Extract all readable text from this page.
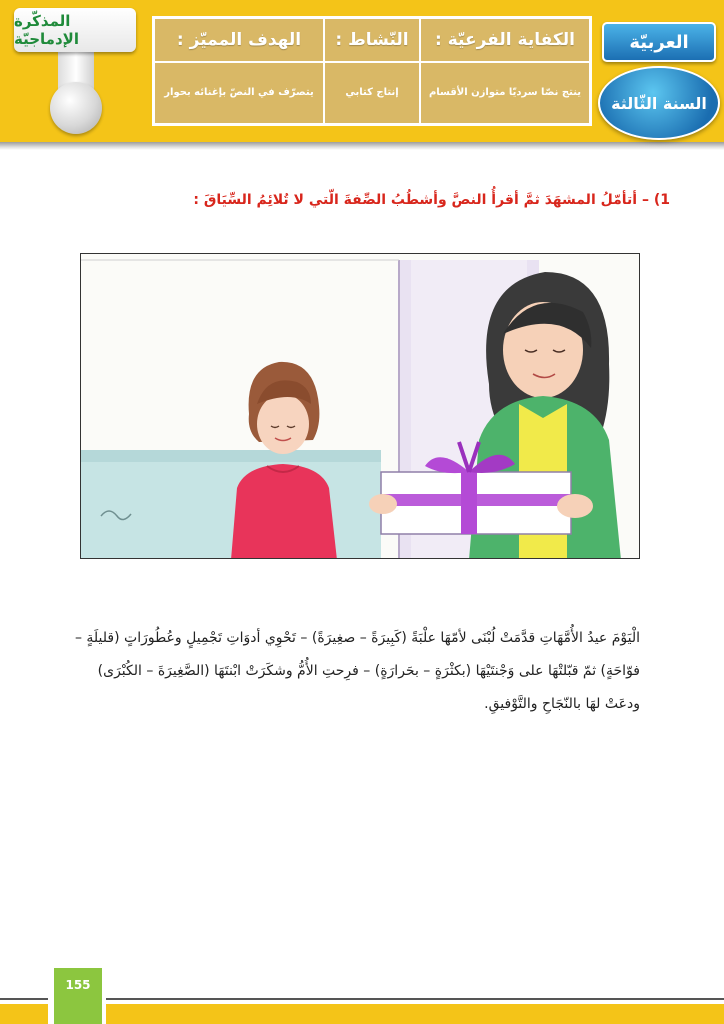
المذكّرة الإدماجيّة	الهدف المميّز :	النّشاط :	الكفاية الفرعيّة :
يتصرّف في النصّ بإغنائه بحوار	إنتاج كتابي	ينتج نصّا سرديّا متوازن الأقسام
العربيّة
السنة الثّالثة
1) – أتأمّلُ المشهَدَ ثمَّ أقرأُ النصَّ وأشطُبُ الصِّفةَ الّتي لا تُلائِمُ السِّيَاقَ :
الْيَوْمَ عيدُ الأُمَّهَاتِ قدَّمَتْ لُبْنَى لأمّهَا علْبَةً (كَبِيرَةً – صغِيرَةً) – تَحْوِي أدوَاتِ تَجْمِيلٍ وعُطُورَاتٍ (قليلَةٍ – فوّاحَةٍ) ثمّ قبّلتْهَا على وَجْنتَيْهَا (بكثْرَةٍ – بحَرارَةٍ) – فرِحتِ الأُمُّ وشكَرَتْ ابْنتَهَا (الصَّغِيرَةَ – الكُبْرَى) ودعَتْ لهَا بالنّجَاحِ والتَّوْفيقِ.
155
